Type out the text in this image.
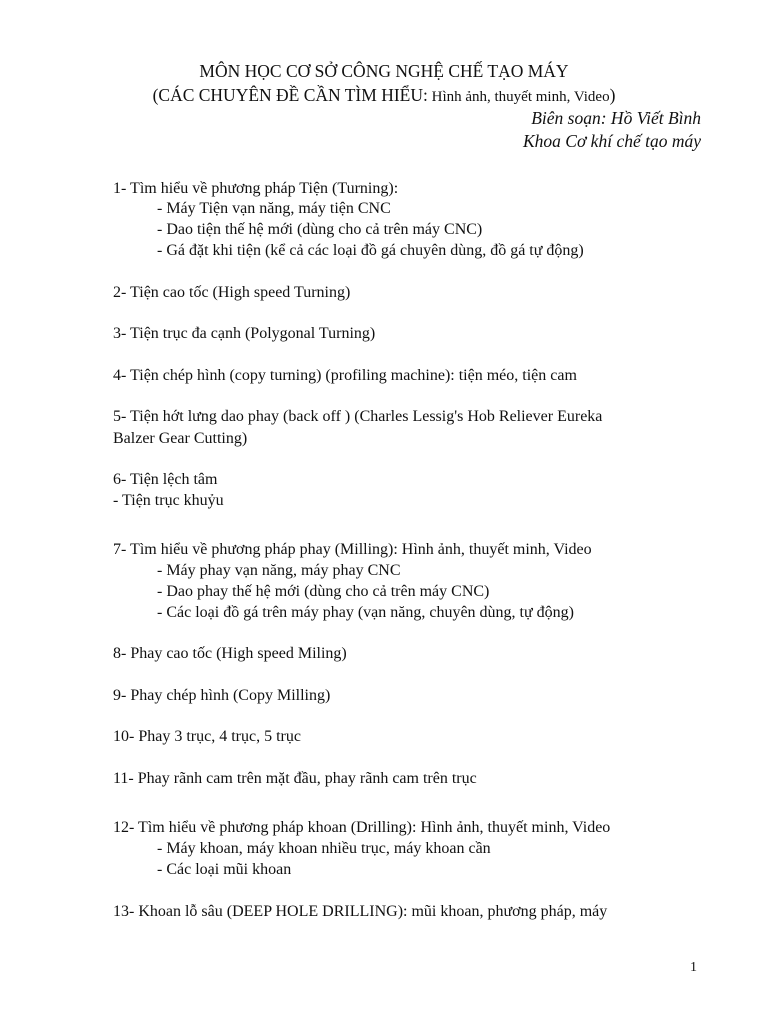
MÔN HỌC CƠ SỞ CÔNG NGHỆ CHẾ TẠO MÁY
(CÁC CHUYÊN ĐỀ CẦN TÌM HIỂU: Hình ảnh, thuyết minh, Video)
Biên soạn: Hồ Viết Bình
Khoa Cơ khí chế tạo máy
1- Tìm hiểu về phương pháp Tiện (Turning):
- Máy Tiện vạn năng, máy tiện CNC
- Dao tiện thế hệ mới (dùng cho cả trên máy CNC)
- Gá đặt khi tiện (kể cả các loại đồ gá chuyên dùng, đồ gá tự động)
2- Tiện cao tốc (High speed Turning)
3- Tiện trục đa cạnh (Polygonal Turning)
4- Tiện chép hình (copy turning) (profiling machine): tiện méo, tiện cam
5- Tiện hớt lưng dao phay (back off ) (Charles Lessig's Hob Reliever Eureka
Balzer Gear Cutting)
6- Tiện lệch tâm
- Tiện trục khuỷu
7- Tìm hiểu về phương pháp phay (Milling): Hình ảnh, thuyết minh, Video
- Máy phay vạn năng, máy phay CNC
- Dao phay thế hệ mới (dùng cho cả trên máy CNC)
- Các loại đồ gá trên máy phay (vạn năng, chuyên dùng, tự động)
8- Phay cao tốc (High speed Miling)
9- Phay chép hình (Copy Milling)
10- Phay 3 trục, 4 trục, 5 trục
11- Phay rãnh cam trên mặt đầu, phay rãnh cam trên trục
12- Tìm hiểu về phương pháp khoan (Drilling): Hình ảnh, thuyết minh, Video
- Máy khoan, máy khoan nhiều trục, máy khoan cần
- Các loại mũi khoan
13- Khoan lỗ sâu (DEEP HOLE DRILLING): mũi khoan, phương pháp, máy
1
